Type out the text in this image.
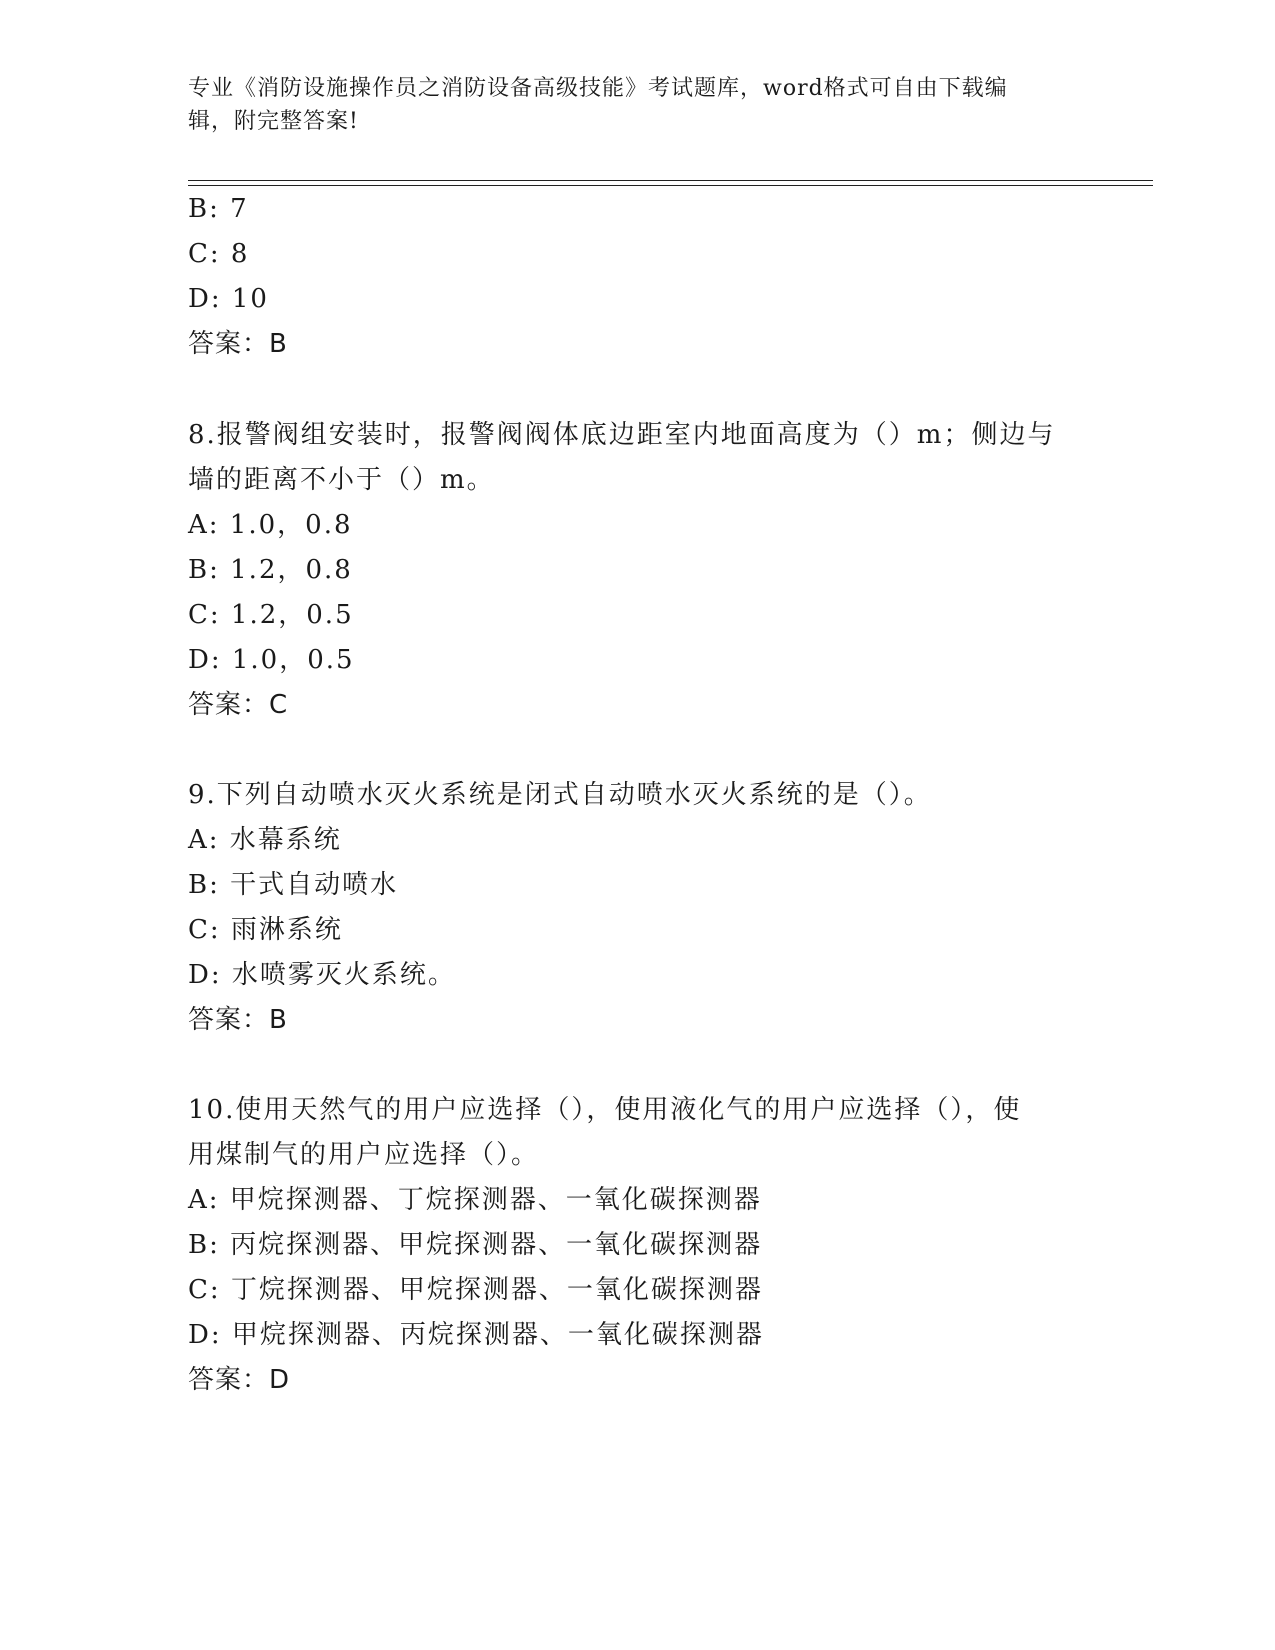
专业《消防设施操作员之消防设备高级技能》考试题库，word格式可自由下载编
辑，附完整答案!
B: 7
C: 8
D: 10
答案：B
8.报警阀组安装时，报警阀阀体底边距室内地面高度为（）m；侧边与
墙的距离不小于（）m。
A: 1.0，0.8
B: 1.2，0.8
C: 1.2，0.5
D: 1.0，0.5
答案：C
9.下列自动喷水灭火系统是闭式自动喷水灭火系统的是（）。
A: 水幕系统
B: 干式自动喷水
C: 雨淋系统
D: 水喷雾灭火系统。
答案：B
10.使用天然气的用户应选择（），使用液化气的用户应选择（），使
用煤制气的用户应选择（）。
A: 甲烷探测器、丁烷探测器、一氧化碳探测器
B: 丙烷探测器、甲烷探测器、一氧化碳探测器
C: 丁烷探测器、甲烷探测器、一氧化碳探测器
D: 甲烷探测器、丙烷探测器、一氧化碳探测器
答案：D
